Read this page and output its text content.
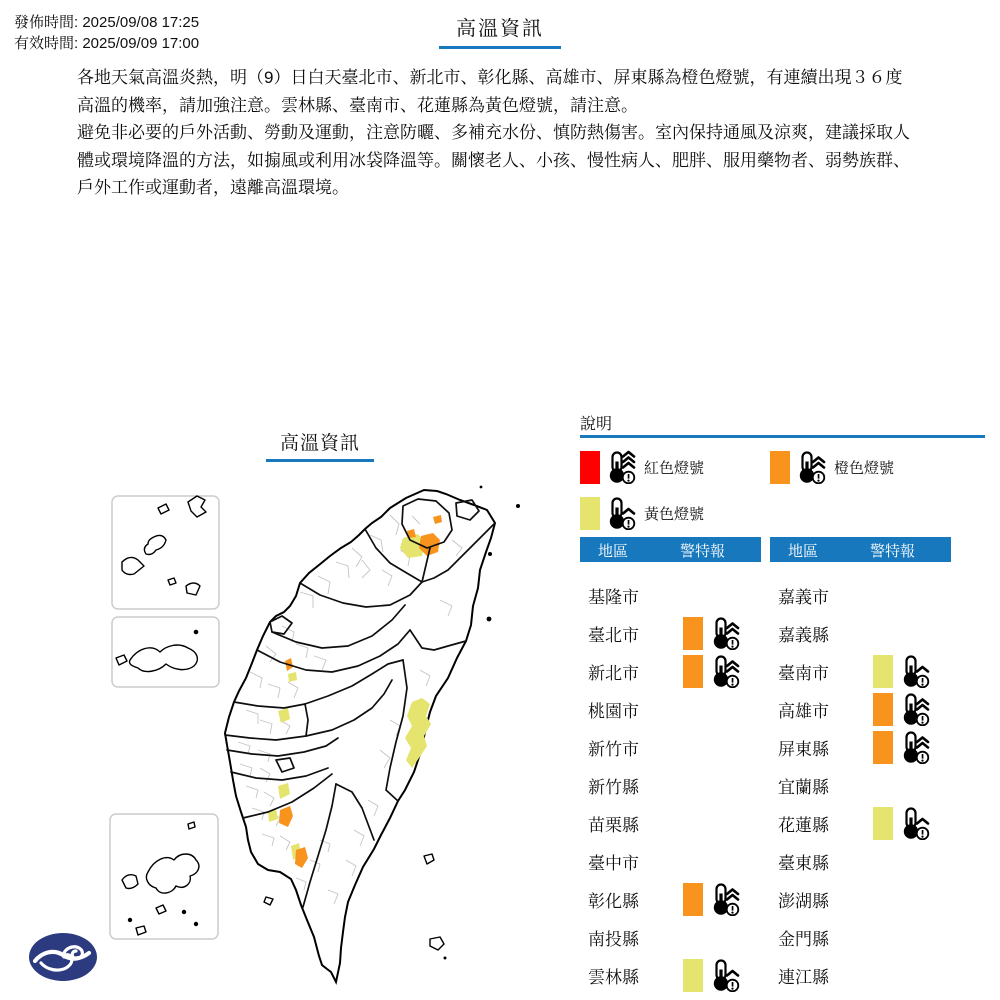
發佈時間: 2025/09/08 17:25
有效時間: 2025/09/09 17:00
高溫資訊

各地天氣高溫炎熱，明（9）日白天臺北市、新北市、彰化縣、高雄市、屏東縣為橙色燈號，有連續出現３６度高溫的機率，請加強注意。雲林縣、臺南市、花蓮縣為黃色燈號，請注意。

避免非必要的戶外活動、勞動及運動，注意防曬、多補充水份、慎防熱傷害。室內保持通風及涼爽，建議採取人體或環境降溫的方法，如搧風或利用冰袋降溫等。關懷老人、小孩、慢性病人、肥胖、服用藥物者、弱勢族群、戶外工作或運動者，遠離高溫環境。

高溫資訊
說明
紅色燈號	橙色燈號
黃色燈號
地區	警特報
基隆市
臺北市
新北市
桃園市
新竹市
新竹縣
苗栗縣
臺中市
彰化縣
南投縣
雲林縣
地區	警特報
嘉義市
嘉義縣
臺南市
高雄市
屏東縣
宜蘭縣
花蓮縣
臺東縣
澎湖縣
金門縣
連江縣
